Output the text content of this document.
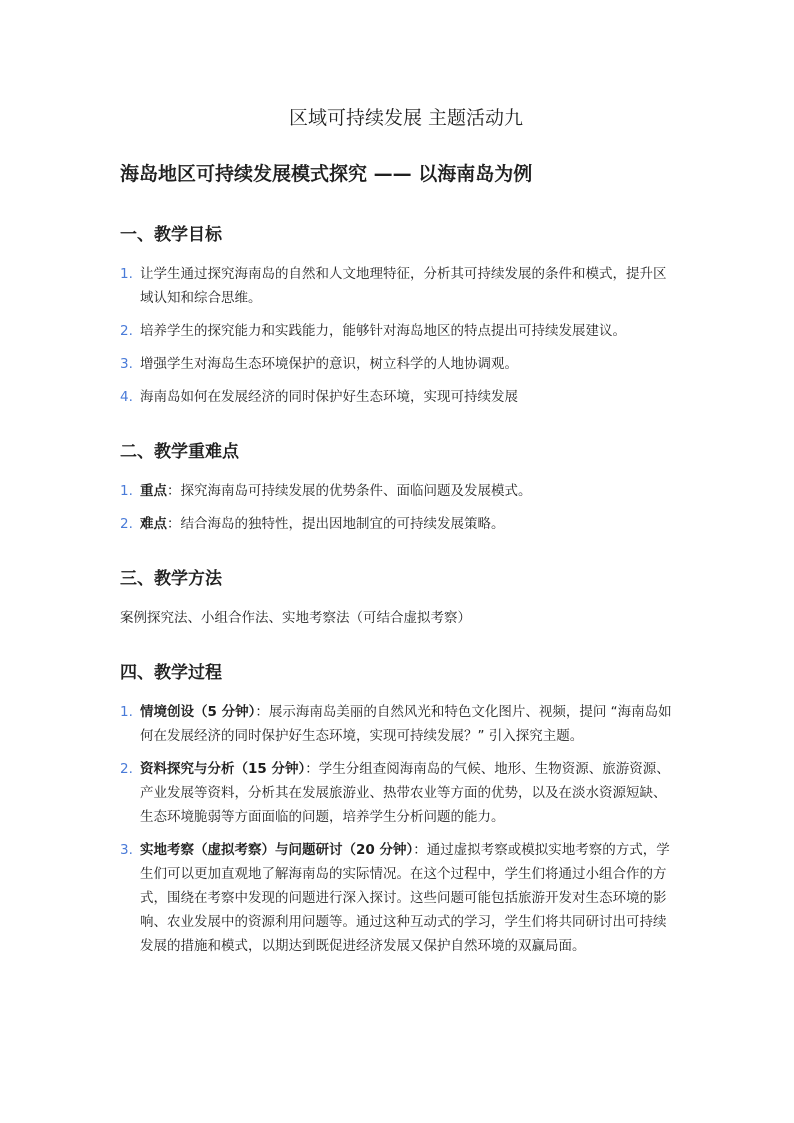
区域可持续发展 主题活动九
海岛地区可持续发展模式探究 —— 以海南岛为例
一、教学目标
1. 让学生通过探究海南岛的自然和人文地理特征，分析其可持续发展的条件和模式，提升区域认知和综合思维。
2. 培养学生的探究能力和实践能力，能够针对海岛地区的特点提出可持续发展建议。
3. 增强学生对海岛生态环境保护的意识，树立科学的人地协调观。
4. 海南岛如何在发展经济的同时保护好生态环境，实现可持续发展
二、教学重难点
1. 重点：探究海南岛可持续发展的优势条件、面临问题及发展模式。
2. 难点：结合海岛的独特性，提出因地制宜的可持续发展策略。
三、教学方法

案例探究法、小组合作法、实地考察法（可结合虚拟考察）

四、教学过程
1. 情境创设（5 分钟）：展示海南岛美丽的自然风光和特色文化图片、视频，提问 “海南岛如何在发展经济的同时保护好生态环境，实现可持续发展？” 引入探究主题。
2. 资料探究与分析（15 分钟）：学生分组查阅海南岛的气候、地形、生物资源、旅游资源、产业发展等资料，分析其在发展旅游业、热带农业等方面的优势，以及在淡水资源短缺、生态环境脆弱等方面面临的问题，培养学生分析问题的能力。
3. 实地考察（虚拟考察）与问题研讨（20 分钟）：通过虚拟考察或模拟实地考察的方式，学生们可以更加直观地了解海南岛的实际情况。在这个过程中，学生们将通过小组合作的方式，围绕在考察中发现的问题进行深入探讨。这些问题可能包括旅游开发对生态环境的影响、农业发展中的资源利用问题等。通过这种互动式的学习，学生们将共同研讨出可持续发展的措施和模式，以期达到既促进经济发展又保护自然环境的双赢局面。
